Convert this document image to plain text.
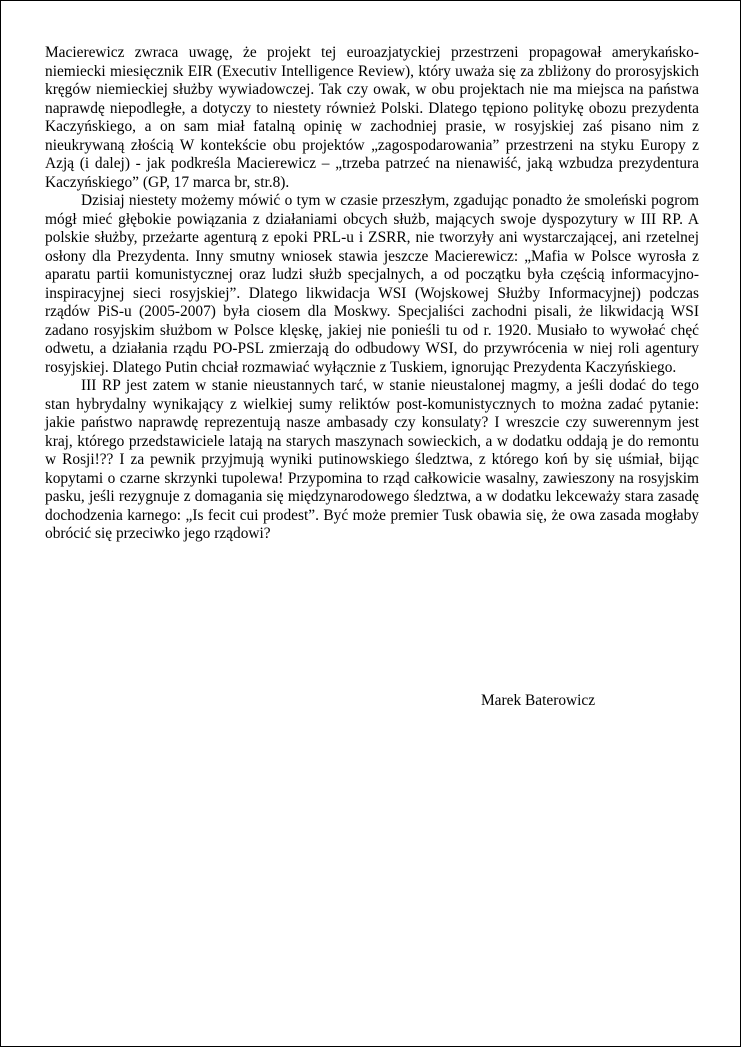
Macierewicz zwraca uwagę, że projekt tej euroazjatyckiej przestrzeni propagował amerykańsko-niemiecki miesięcznik EIR (Executiv Intelligence Review), który uważa się za zbliżony do prorosyjskich kręgów niemieckiej służby wywiadowczej. Tak czy owak, w obu projektach nie ma miejsca na państwa naprawdę niepodległe, a dotyczy to niestety również Polski. Dlatego tępiono politykę obozu prezydenta Kaczyńskiego, a on sam miał fatalną opinię w zachodniej prasie, w rosyjskiej zaś pisano nim z nieukrywaną złością W kontekście obu projektów „zagospodarowania” przestrzeni na styku Europy z Azją (i dalej) - jak podkreśla Macierewicz – „trzeba patrzeć na nienawiść, jaką wzbudza prezydentura Kaczyńskiego” (GP, 17 marca br, str.8).

Dzisiaj niestety możemy mówić o tym w czasie przeszłym, zgadując ponadto że smoleński pogrom mógł mieć głębokie powiązania z działaniami obcych służb, mających swoje dyspozytury w III RP. A polskie służby, przeżarte agenturą z epoki PRL-u i ZSRR, nie tworzyły ani wystarczającej, ani rzetelnej osłony dla Prezydenta. Inny smutny wniosek stawia jeszcze Macierewicz: „Mafia w Polsce wyrosła z aparatu partii komunistycznej oraz ludzi służb specjalnych, a od początku była częścią informacyjno-inspiracyjnej sieci rosyjskiej”. Dlatego likwidacja WSI (Wojskowej Służby Informacyjnej) podczas rządów PiS-u (2005-2007) była ciosem dla Moskwy. Specjaliści zachodni pisali, że likwidacją WSI zadano rosyjskim służbom w Polsce klęskę, jakiej nie ponieśli tu od r. 1920. Musiało to wywołać chęć odwetu, a działania rządu PO-PSL zmierzają do odbudowy WSI, do przywrócenia w niej roli agentury rosyjskiej. Dlatego Putin chciał rozmawiać wyłącznie z Tuskiem, ignorując Prezydenta Kaczyńskiego.

III RP jest zatem w stanie nieustannych tarć, w stanie nieustalonej magmy, a jeśli dodać do tego stan hybrydalny wynikający z wielkiej sumy reliktów post-komunistycznych to można zadać pytanie: jakie państwo naprawdę reprezentują nasze ambasady czy konsulaty? I wreszcie czy suwerennym jest kraj, którego przedstawiciele latają na starych maszynach sowieckich, a w dodatku oddają je do remontu w Rosji!?? I za pewnik przyjmują wyniki putinowskiego śledztwa, z którego koń by się uśmiał, bijąc kopytami o czarne skrzynki tupolewa! Przypomina to rząd całkowicie wasalny, zawieszony na rosyjskim pasku, jeśli rezygnuje z domagania się międzynarodowego śledztwa, a w dodatku lekceważy stara zasadę dochodzenia karnego: „Is fecit cui prodest”. Być może premier Tusk obawia się, że owa zasada mogłaby obrócić się przeciwko jego rządowi?

Marek Baterowicz
